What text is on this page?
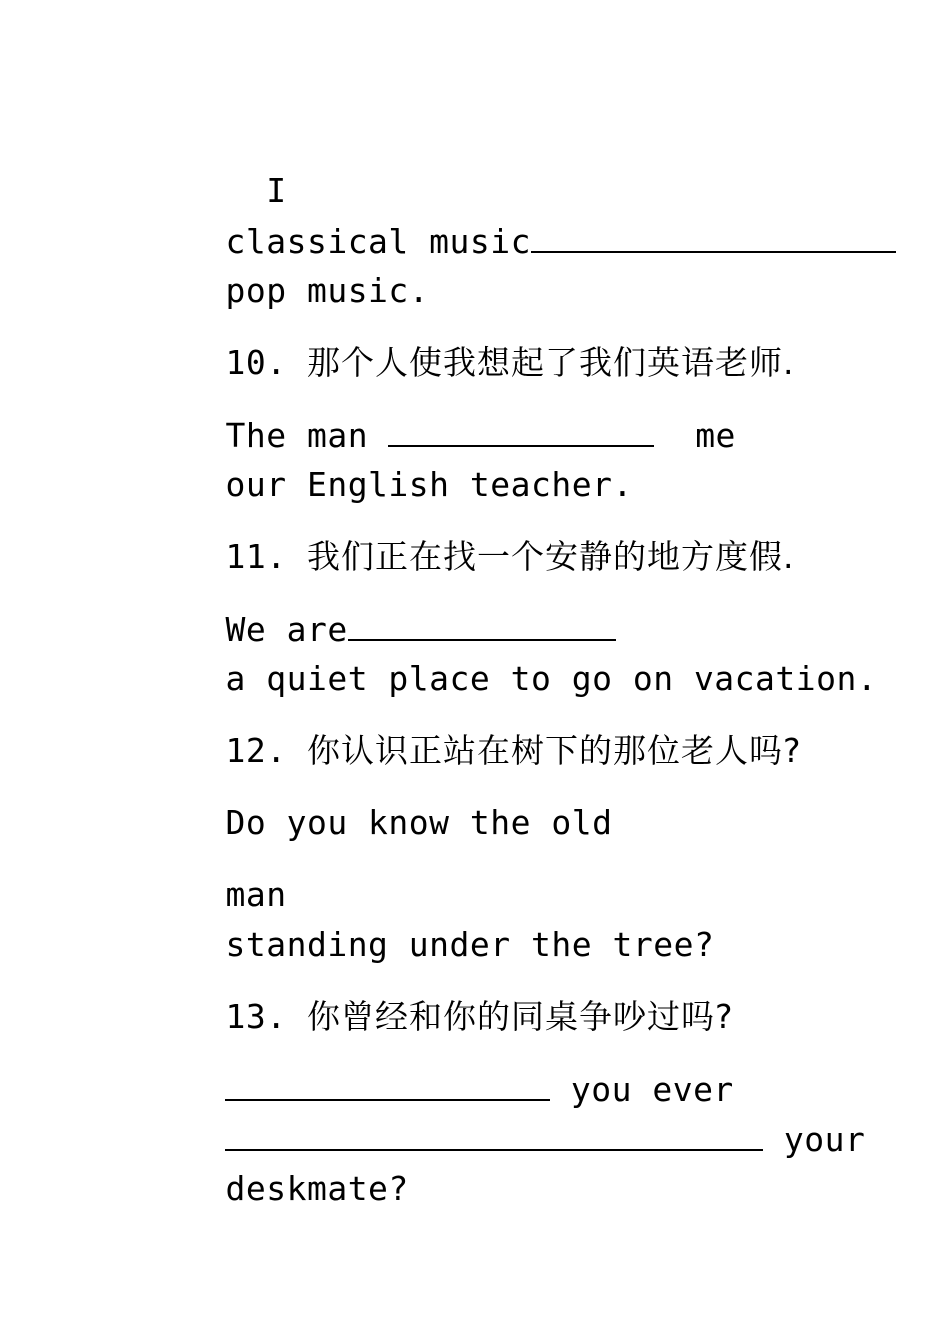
I

classical music

pop music.

10. 那个人使我想起了我们英语老师.

The man	me

our English teacher.

11. 我们正在找一个安静的地方度假.

We are

a quiet place to go on vacation.

12. 你认识正站在树下的那位老人吗?

Do you know the old

man

standing under the tree?

13. 你曾经和你的同桌争吵过吗?

you ever

your

deskmate?
